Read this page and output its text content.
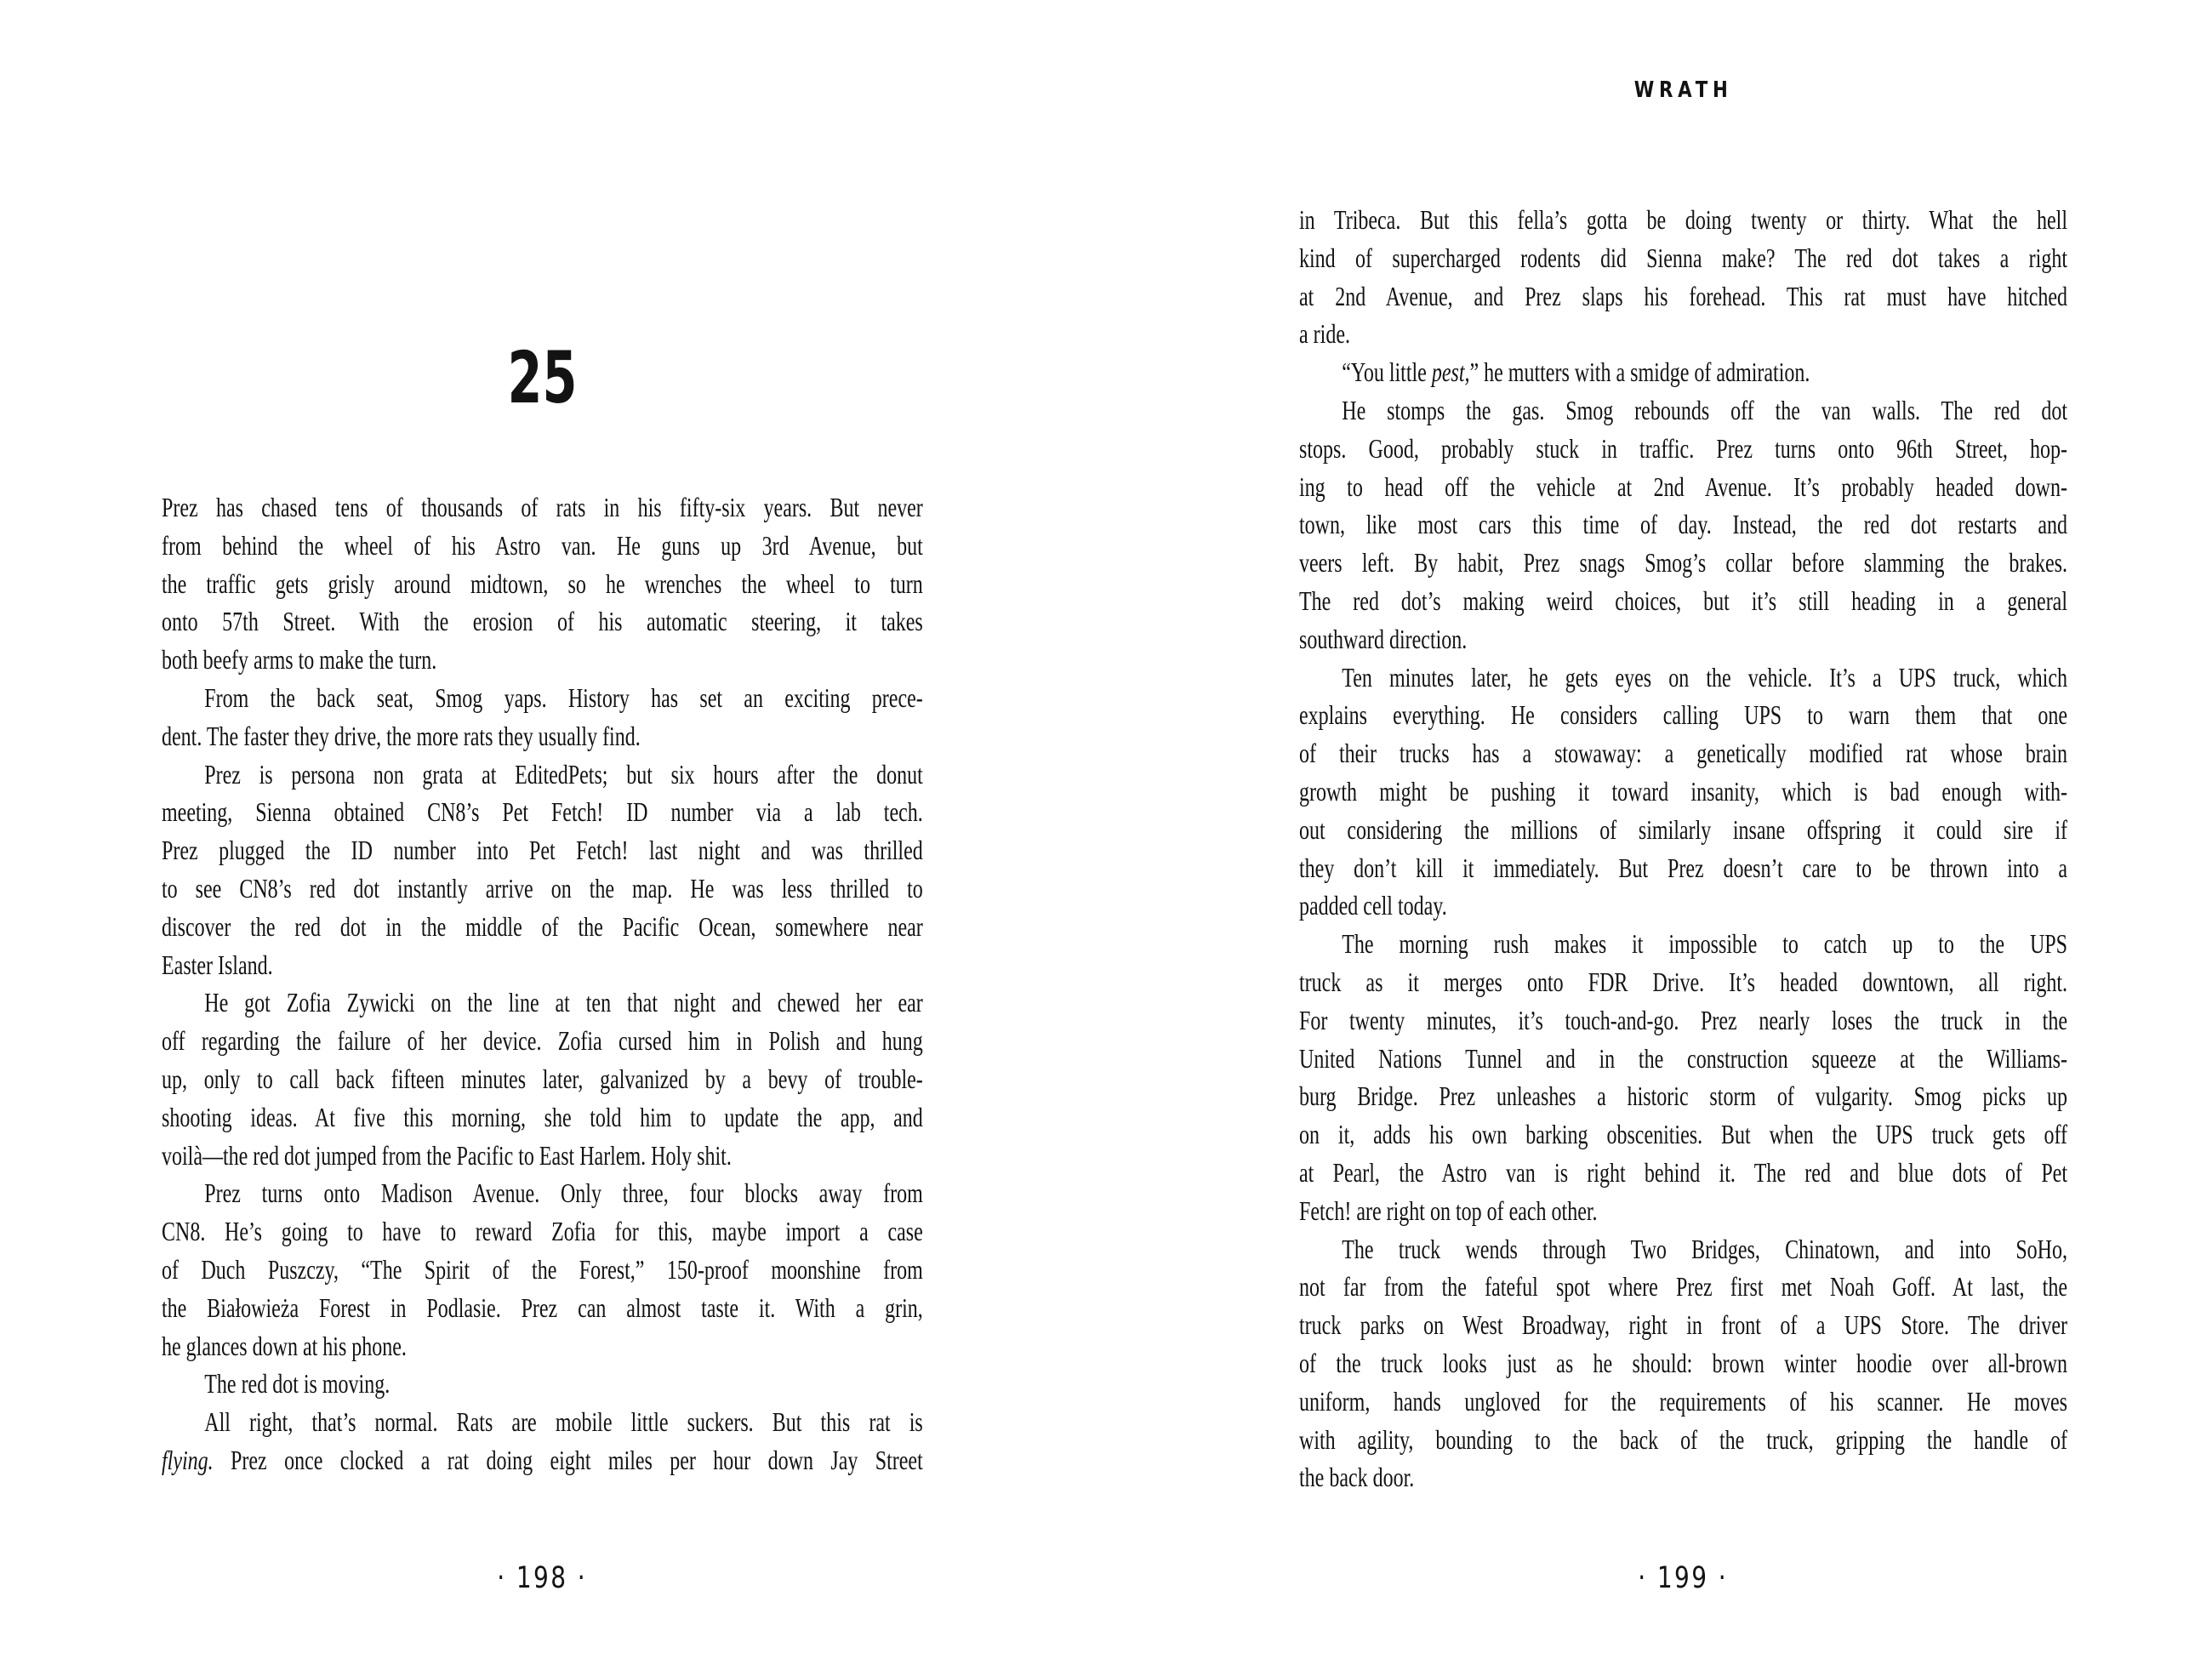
25
Prez has chased tens of thousands of rats in his fifty-six years. But never
from behind the wheel of his Astro van. He guns up 3rd Avenue, but
the traffic gets grisly around midtown, so he wrenches the wheel to turn
onto 57th Street. With the erosion of his automatic steering, it takes
both beefy arms to make the turn.
From the back seat, Smog yaps. History has set an exciting prece-
dent. The faster they drive, the more rats they usually find.
Prez is persona non grata at EditedPets; but six hours after the donut
meeting, Sienna obtained CN8’s Pet Fetch! ID number via a lab tech.
Prez plugged the ID number into Pet Fetch! last night and was thrilled
to see CN8’s red dot instantly arrive on the map. He was less thrilled to
discover the red dot in the middle of the Pacific Ocean, somewhere near
Easter Island.
He got Zofia Zywicki on the line at ten that night and chewed her ear
off regarding the failure of her device. Zofia cursed him in Polish and hung
up, only to call back fifteen minutes later, galvanized by a bevy of trouble-
shooting ideas. At five this morning, she told him to update the app, and
voilà—the red dot jumped from the Pacific to East Harlem. Holy shit.
Prez turns onto Madison Avenue. Only three, four blocks away from
CN8. He’s going to have to reward Zofia for this, maybe import a case
of Duch Puszczy, “The Spirit of the Forest,” 150-proof moonshine from
the Białowieża Forest in Podlasie. Prez can almost taste it. With a grin,
he glances down at his phone.
The red dot is moving.
All right, that’s normal. Rats are mobile little suckers. But this rat is
flying. Prez once clocked a rat doing eight miles per hour down Jay Street
· 198 ·
WRATH
in Tribeca. But this fella’s gotta be doing twenty or thirty. What the hell
kind of supercharged rodents did Sienna make? The red dot takes a right
at 2nd Avenue, and Prez slaps his forehead. This rat must have hitched
a ride.
“You little pest,” he mutters with a smidge of admiration.
He stomps the gas. Smog rebounds off the van walls. The red dot
stops. Good, probably stuck in traffic. Prez turns onto 96th Street, hop-
ing to head off the vehicle at 2nd Avenue. It’s probably headed down-
town, like most cars this time of day. Instead, the red dot restarts and
veers left. By habit, Prez snags Smog’s collar before slamming the brakes.
The red dot’s making weird choices, but it’s still heading in a general
southward direction.
Ten minutes later, he gets eyes on the vehicle. It’s a UPS truck, which
explains everything. He considers calling UPS to warn them that one
of their trucks has a stowaway: a genetically modified rat whose brain
growth might be pushing it toward insanity, which is bad enough with-
out considering the millions of similarly insane offspring it could sire if
they don’t kill it immediately. But Prez doesn’t care to be thrown into a
padded cell today.
The morning rush makes it impossible to catch up to the UPS
truck as it merges onto FDR Drive. It’s headed downtown, all right.
For twenty minutes, it’s touch-and-go. Prez nearly loses the truck in the
United Nations Tunnel and in the construction squeeze at the Williams-
burg Bridge. Prez unleashes a historic storm of vulgarity. Smog picks up
on it, adds his own barking obscenities. But when the UPS truck gets off
at Pearl, the Astro van is right behind it. The red and blue dots of Pet
Fetch! are right on top of each other.
The truck wends through Two Bridges, Chinatown, and into SoHo,
not far from the fateful spot where Prez first met Noah Goff. At last, the
truck parks on West Broadway, right in front of a UPS Store. The driver
of the truck looks just as he should: brown winter hoodie over all-brown
uniform, hands ungloved for the requirements of his scanner. He moves
with agility, bounding to the back of the truck, gripping the handle of
the back door.
· 199 ·
